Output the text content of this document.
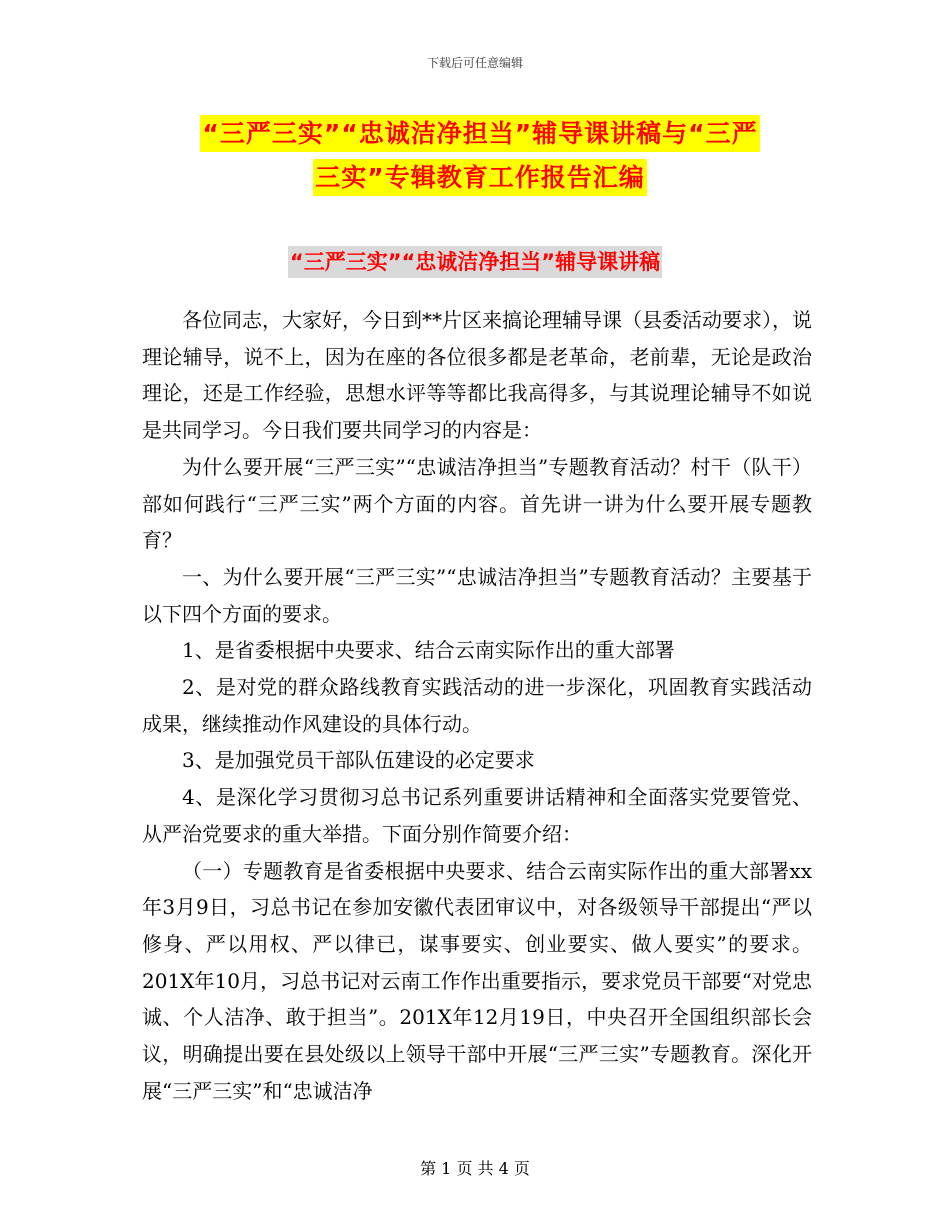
下载后可任意编辑
“三严三实”“忠诚洁净担当”辅导课讲稿与“三严
三实”专辑教育工作报告汇编
“三严三实”“忠诚洁净担当”辅导课讲稿

各位同志，大家好，今日到**片区来搞论理辅导课（县委活动要求），说理论辅导，说不上，因为在座的各位很多都是老革命，老前辈，无论是政治理论，还是工作经验，思想水评等等都比我高得多，与其说理论辅导不如说是共同学习。今日我们要共同学习的内容是：

为什么要开展“三严三实”“忠诚洁净担当”专题教育活动？村干（队干）部如何践行“三严三实”两个方面的内容。首先讲一讲为什么要开展专题教育？

一、为什么要开展“三严三实”“忠诚洁净担当”专题教育活动？主要基于以下四个方面的要求。

1、是省委根据中央要求、结合云南实际作出的重大部署

2、是对党的群众路线教育实践活动的进一步深化，巩固教育实践活动成果，继续推动作风建设的具体行动。

3、是加强党员干部队伍建设的必定要求

4、是深化学习贯彻习总书记系列重要讲话精神和全面落实党要管党、从严治党要求的重大举措。下面分别作简要介绍：

（一）专题教育是省委根据中央要求、结合云南实际作出的重大部署xx年3月9日，习总书记在参加安徽代表团审议中，对各级领导干部提出“严以修身、严以用权、严以律已，谋事要实、创业要实、做人要实”的要求。201X年10月，习总书记对云南工作作出重要指示，要求党员干部要“对党忠诚、个人洁净、敢于担当”。201X年12月19日，中央召开全国组织部长会议，明确提出要在县处级以上领导干部中开展“三严三实”专题教育。深化开展“三严三实”和“忠诚洁净

第 1 页 共 4 页
